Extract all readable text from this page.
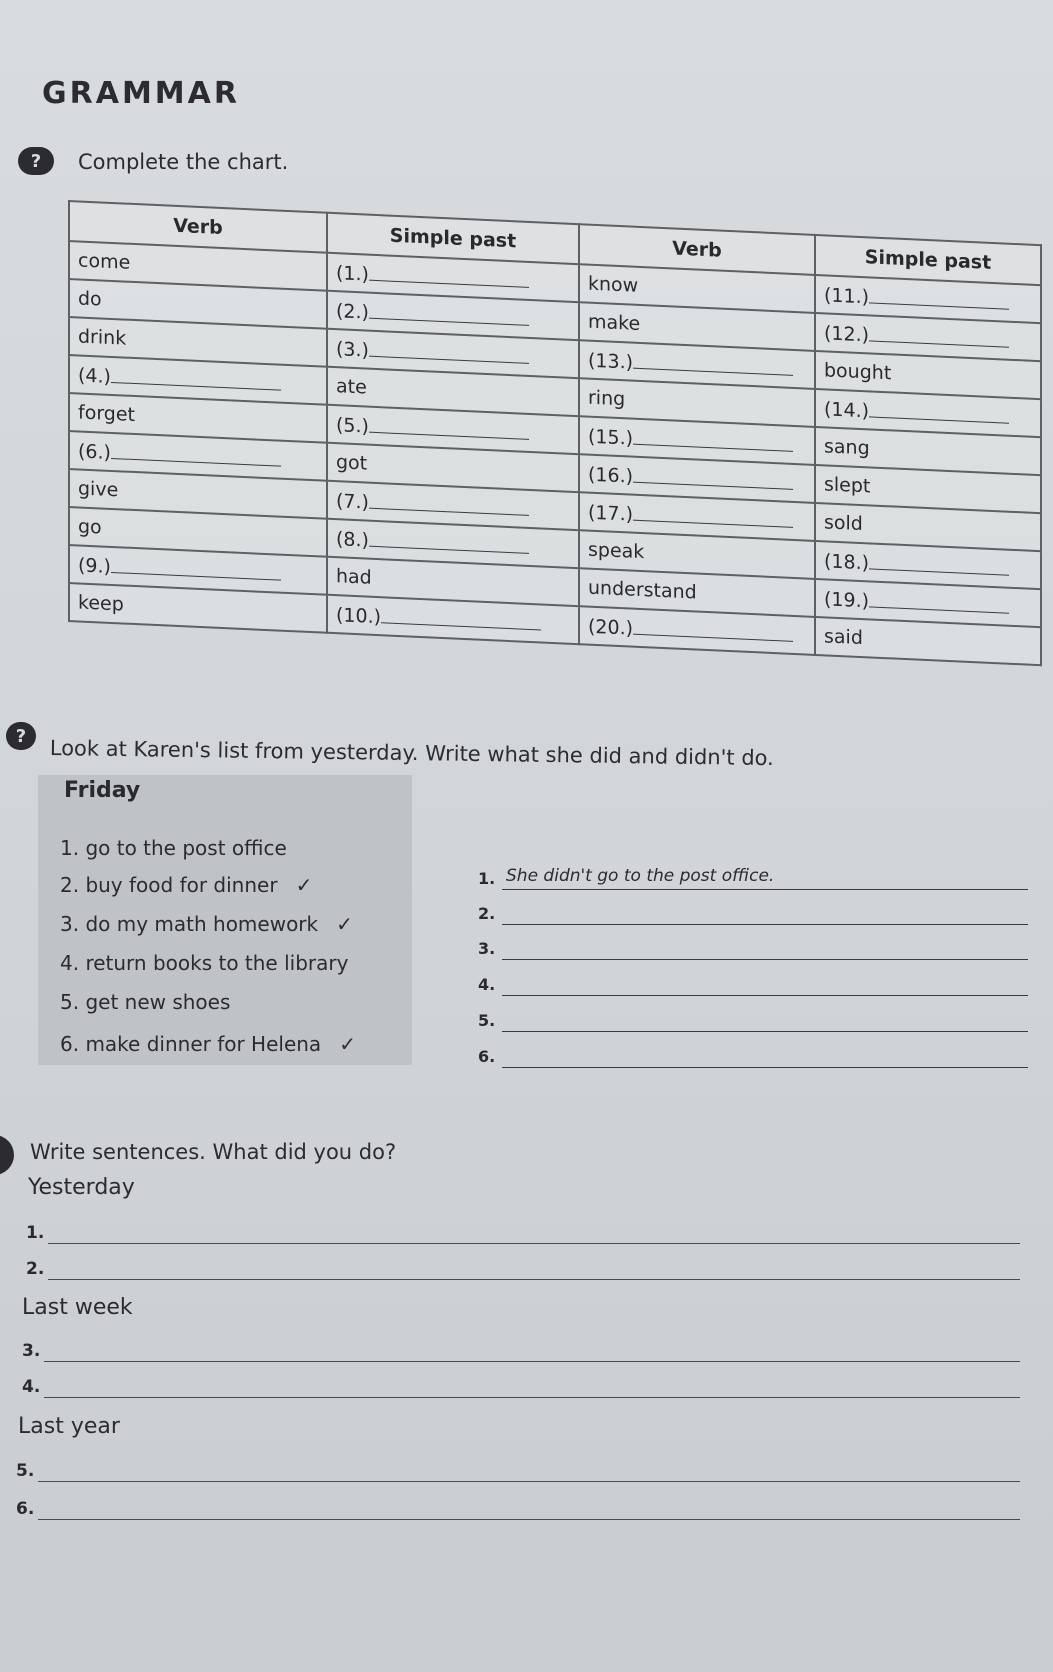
GRAMMAR
?	Complete the chart.
Verb	Simple past	Verb	Simple past
come	(1.)	know	(11.)
do	(2.)	make	(12.)
drink	(3.)	(13.)	bought
(4.)	ate	ring	(14.)
forget	(5.)	(15.)	sang
(6.)	got	(16.)	slept
give	(7.)	(17.)	sold
go	(8.)	speak	(18.)
(9.)	had	understand	(19.)
keep	(10.)	(20.)	said
?	Look at Karen's list from yesterday. Write what she did and didn't do.
Friday
1. go to the post office
2. buy food for dinner ✓
3. do my math homework ✓
4. return books to the library
5. get new shoes
6. make dinner for Helena ✓
1. She didn't go to the post office.
2.
3.
4.
5.
6.
Write sentences. What did you do?
Yesterday
1.
2.
Last week
3.
4.
Last year
5.
6.
